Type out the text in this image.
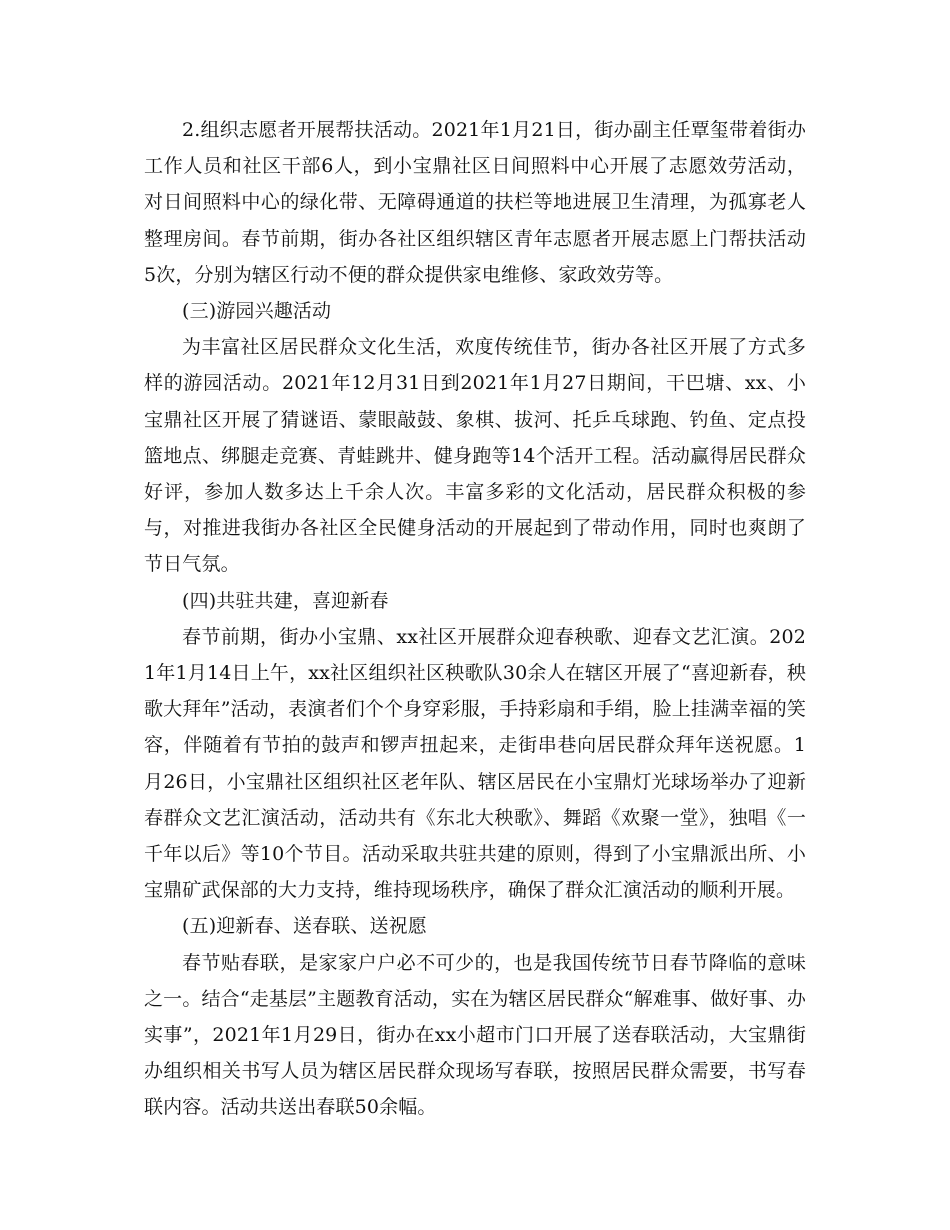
2.组织志愿者开展帮扶活动。2021年1月21日，街办副主任覃玺带着街办工作人员和社区干部6人，到小宝鼎社区日间照料中心开展了志愿效劳活动，对日间照料中心的绿化带、无障碍通道的扶栏等地进展卫生清理，为孤寡老人整理房间。春节前期，街办各社区组织辖区青年志愿者开展志愿上门帮扶活动5次，分别为辖区行动不便的群众提供家电维修、家政效劳等。

(三)游园兴趣活动

为丰富社区居民群众文化生活，欢度传统佳节，街办各社区开展了方式多样的游园活动。2021年12月31日到2021年1月27日期间，干巴塘、xx、小宝鼎社区开展了猜谜语、蒙眼敲鼓、象棋、拔河、托乒乓球跑、钓鱼、定点投篮地点、绑腿走竞赛、青蛙跳井、健身跑等14个活开工程。活动赢得居民群众好评，参加人数多达上千余人次。丰富多彩的文化活动，居民群众积极的参与，对推进我街办各社区全民健身活动的开展起到了带动作用，同时也爽朗了节日气氛。

(四)共驻共建，喜迎新春

春节前期，街办小宝鼎、xx社区开展群众迎春秧歌、迎春文艺汇演。2021年1月14日上午，xx社区组织社区秧歌队30余人在辖区开展了“喜迎新春，秧歌大拜年”活动，表演者们个个身穿彩服，手持彩扇和手绢，脸上挂满幸福的笑容，伴随着有节拍的鼓声和锣声扭起来，走街串巷向居民群众拜年送祝愿。1月26日，小宝鼎社区组织社区老年队、辖区居民在小宝鼎灯光球场举办了迎新春群众文艺汇演活动，活动共有《东北大秧歌》、舞蹈《欢聚一堂》，独唱《一千年以后》等10个节目。活动采取共驻共建的原则，得到了小宝鼎派出所、小宝鼎矿武保部的大力支持，维持现场秩序，确保了群众汇演活动的顺利开展。

(五)迎新春、送春联、送祝愿

春节贴春联，是家家户户必不可少的，也是我国传统节日春节降临的意味之一。结合“走基层”主题教育活动，实在为辖区居民群众“解难事、做好事、办实事”，2021年1月29日，街办在xx小超市门口开展了送春联活动，大宝鼎街办组织相关书写人员为辖区居民群众现场写春联，按照居民群众需要，书写春联内容。活动共送出春联50余幅。
